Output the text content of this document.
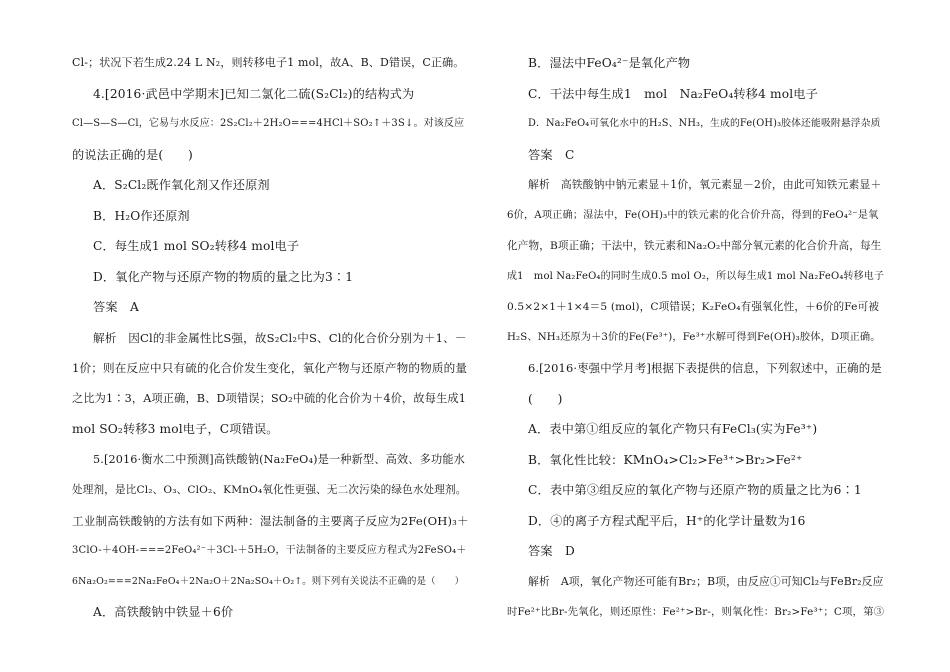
Cl-；状况下若生成2.24 L N₂，则转移电子1 mol，故A、B、D错误，C正确。
4.[2016·武邑中学期末]已知二氯化二硫(S₂Cl₂)的结构式为
Cl—S—S—Cl，它易与水反应：2S₂Cl₂＋2H₂O===4HCl＋SO₂↑＋3S↓。对该反应
的说法正确的是(　　)
A．S₂Cl₂既作氧化剂又作还原剂
B．H₂O作还原剂
C．每生成1 mol SO₂转移4 mol电子
D．氧化产物与还原产物的物质的量之比为3∶1
答案　A
解析　因Cl的非金属性比S强，故S₂Cl₂中S、Cl的化合价分别为＋1、－
1价；则在反应中只有硫的化合价发生变化，氧化产物与还原产物的物质的量
之比为1∶3，A项正确，B、D项错误；SO₂中硫的化合价为＋4价，故每生成1
mol SO₂转移3 mol电子，C项错误。
5.[2016·衡水二中预测]高铁酸钠(Na₂FeO₄)是一种新型、高效、多功能水
处理剂，是比Cl₂、O₃、ClO₂、KMnO₄氧化性更强、无二次污染的绿色水处理剂。
工业制高铁酸钠的方法有如下两种：湿法制备的主要离子反应为2Fe(OH)₃＋
3ClO-＋4OH-===2FeO₄²⁻＋3Cl-＋5H₂O，干法制备的主要反应方程式为2FeSO₄＋
6Na₂O₂===2Na₂FeO₄＋2Na₂O＋2Na₂SO₄＋O₂↑。则下列有关说法不正确的是（　　）
A．高铁酸钠中铁显＋6价
B．湿法中FeO₄²⁻是氧化产物
C．干法中每生成1　mol　Na₂FeO₄转移4 mol电子
D．Na₂FeO₄可氧化水中的H₂S、NH₃，生成的Fe(OH)₃胶体还能吸附悬浮杂质
答案　C
解析　高铁酸钠中钠元素显＋1价，氧元素显－2价，由此可知铁元素显＋
6价，A项正确；湿法中，Fe(OH)₃中的铁元素的化合价升高，得到的FeO₄²⁻是氧
化产物，B项正确；干法中，铁元素和Na₂O₂中部分氧元素的化合价升高，每生
成1　mol Na₂FeO₄的同时生成0.5 mol O₂，所以每生成1 mol Na₂FeO₄转移电子
0.5×2×1＋1×4＝5 (mol)，C项错误；K₂FeO₄有强氧化性，＋6价的Fe可被
H₂S、NH₃还原为＋3价的Fe(Fe³⁺)，Fe³⁺水解可得到Fe(OH)₃胶体，D项正确。
6.[2016·枣强中学月考]根据下表提供的信息，下列叙述中，正确的是
(　　)
A．表中第①组反应的氧化产物只有FeCl₃(实为Fe³⁺)
B．氧化性比较：KMnO₄>Cl₂>Fe³⁺>Br₂>Fe²⁺
C．表中第③组反应的氧化产物与还原产物的质量之比为6∶1
D．④的离子方程式配平后，H⁺的化学计量数为16
答案　D
解析　A项，氧化产物还可能有Br₂；B项，由反应①可知Cl₂与FeBr₂反应
时Fe²⁺比Br-先氧化，则还原性：Fe²⁺>Br-，则氧化性：Br₂>Fe³⁺；C项，第③
